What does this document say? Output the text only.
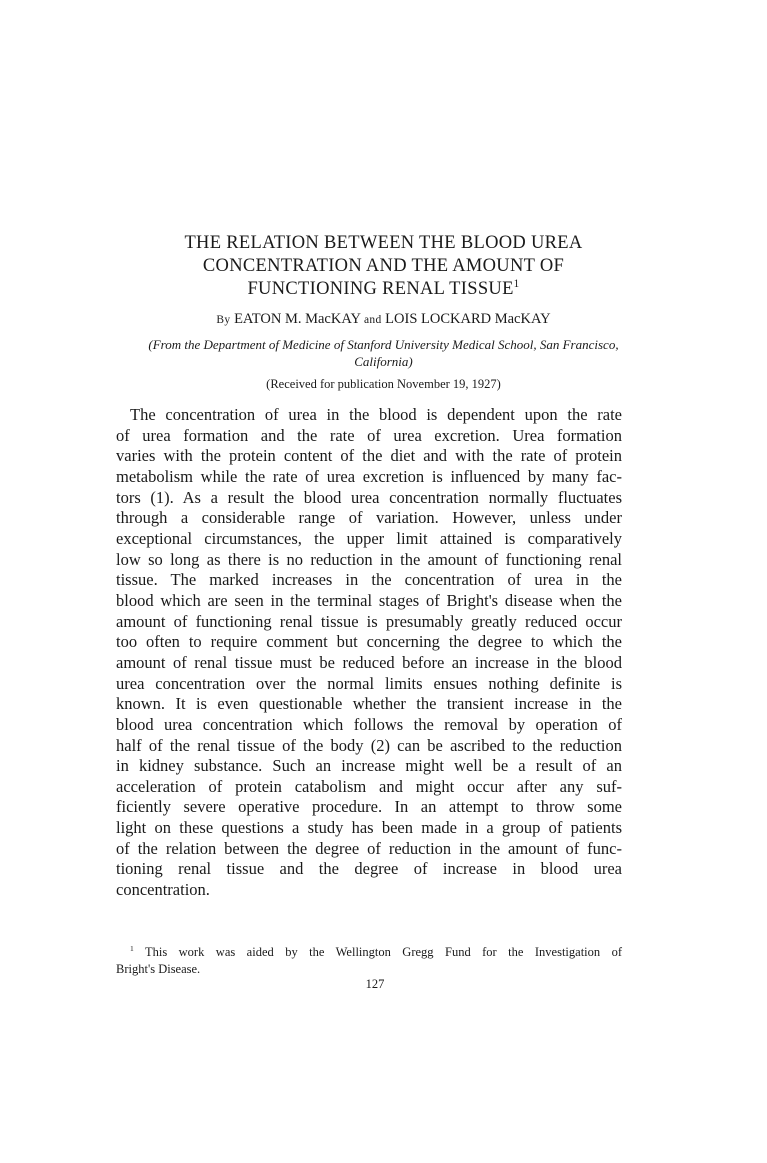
THE RELATION BETWEEN THE BLOOD UREA
CONCENTRATION AND THE AMOUNT OF
FUNCTIONING RENAL TISSUE$^1$
By EATON M. MacKAY and LOIS LOCKARD MacKAY
(From the Department of Medicine of Stanford University Medical School, San Francisco,
California)
(Received for publication November 19, 1927)
The concentration of urea in the blood is dependent upon the rate
of urea formation and the rate of urea excretion. Urea formation
varies with the protein content of the diet and with the rate of protein
metabolism while the rate of urea excretion is influenced by many fac-
tors (1). As a result the blood urea concentration normally fluctuates
through a considerable range of variation. However, unless under
exceptional circumstances, the upper limit attained is comparatively
low so long as there is no reduction in the amount of functioning renal
tissue. The marked increases in the concentration of urea in the
blood which are seen in the terminal stages of Bright's disease when the
amount of functioning renal tissue is presumably greatly reduced occur
too often to require comment but concerning the degree to which the
amount of renal tissue must be reduced before an increase in the blood
urea concentration over the normal limits ensues nothing definite is
known. It is even questionable whether the transient increase in the
blood urea concentration which follows the removal by operation of
half of the renal tissue of the body (2) can be ascribed to the reduction
in kidney substance. Such an increase might well be a result of an
acceleration of protein catabolism and might occur after any suf-
ficiently severe operative procedure. In an attempt to throw some
light on these questions a study has been made in a group of patients
of the relation between the degree of reduction in the amount of func-
tioning renal tissue and the degree of increase in blood urea
concentration.
$^1$ This work was aided by the Wellington Gregg Fund for the Investigation of
Bright's Disease.
127
